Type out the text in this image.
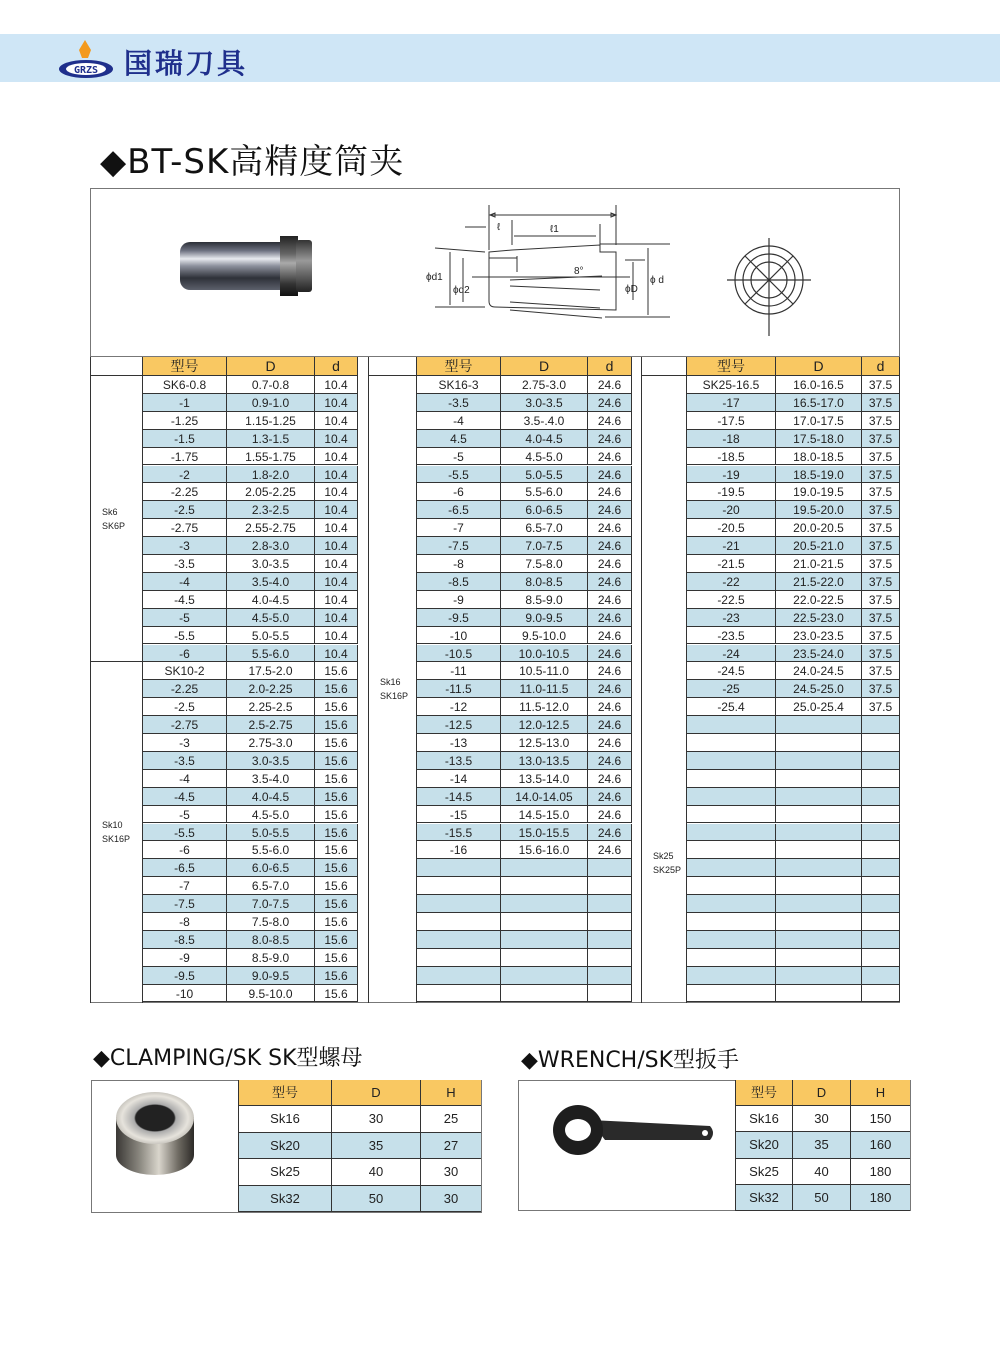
GRZS 国瑞刀具
◆BT-SK高精度筒夹
ℓ	ℓ1
8°
ϕd1
ϕd2	ϕD
ϕ d
型号	D	d
Sk6
SK6P
Sk10
SK16P
SK6-0.8	0.7-0.8	10.4
-1	0.9-1.0	10.4
-1.25	1.15-1.25	10.4
-1.5	1.3-1.5	10.4
-1.75	1.55-1.75	10.4
-2	1.8-2.0	10.4
-2.25	2.05-2.25	10.4
-2.5	2.3-2.5	10.4
-2.75	2.55-2.75	10.4
-3	2.8-3.0	10.4
-3.5	3.0-3.5	10.4
-4	3.5-4.0	10.4
-4.5	4.0-4.5	10.4
-5	4.5-5.0	10.4
-5.5	5.0-5.5	10.4
-6	5.5-6.0	10.4
SK10-2	17.5-2.0	15.6
-2.25	2.0-2.25	15.6
-2.5	2.25-2.5	15.6
-2.75	2.5-2.75	15.6
-3	2.75-3.0	15.6
-3.5	3.0-3.5	15.6
-4	3.5-4.0	15.6
-4.5	4.0-4.5	15.6
-5	4.5-5.0	15.6
-5.5	5.0-5.5	15.6
-6	5.5-6.0	15.6
-6.5	6.0-6.5	15.6
-7	6.5-7.0	15.6
-7.5	7.0-7.5	15.6
-8	7.5-8.0	15.6
-8.5	8.0-8.5	15.6
-9	8.5-9.0	15.6
-9.5	9.0-9.5	15.6
-10	9.5-10.0	15.6
型号	D	d
Sk16
SK16P
SK16-3	2.75-3.0	24.6
-3.5	3.0-3.5	24.6
-4	3.5-.4.0	24.6
4.5	4.0-4.5	24.6
-5	4.5-5.0	24.6
-5.5	5.0-5.5	24.6
-6	5.5-6.0	24.6
-6.5	6.0-6.5	24.6
-7	6.5-7.0	24.6
-7.5	7.0-7.5	24.6
-8	7.5-8.0	24.6
-8.5	8.0-8.5	24.6
-9	8.5-9.0	24.6
-9.5	9.0-9.5	24.6
-10	9.5-10.0	24.6
-10.5	10.0-10.5	24.6
-11	10.5-11.0	24.6
-11.5	11.0-11.5	24.6
-12	11.5-12.0	24.6
-12.5	12.0-12.5	24.6
-13	12.5-13.0	24.6
-13.5	13.0-13.5	24.6
-14	13.5-14.0	24.6
-14.5	14.0-14.05	24.6
-15	14.5-15.0	24.6
-15.5	15.0-15.5	24.6
-16	15.6-16.0	24.6
型号	D	d
Sk25
SK25P
SK25-16.5	16.0-16.5	37.5
-17	16.5-17.0	37.5
-17.5	17.0-17.5	37.5
-18	17.5-18.0	37.5
-18.5	18.0-18.5	37.5
-19	18.5-19.0	37.5
-19.5	19.0-19.5	37.5
-20	19.5-20.0	37.5
-20.5	20.0-20.5	37.5
-21	20.5-21.0	37.5
-21.5	21.0-21.5	37.5
-22	21.5-22.0	37.5
-22.5	22.0-22.5	37.5
-23	22.5-23.0	37.5
-23.5	23.0-23.5	37.5
-24	23.5-24.0	37.5
-24.5	24.0-24.5	37.5
-25	24.5-25.0	37.5
-25.4	25.0-25.4	37.5
◆CLAMPING/SK SK型螺母
型号	D	H
Sk16	30	25
Sk20	35	27
Sk25	40	30
Sk32	50	30
◆WRENCH/SK型扳手
型号	D	H
Sk16	30	150
Sk20	35	160
Sk25	40	180
Sk32	50	180
